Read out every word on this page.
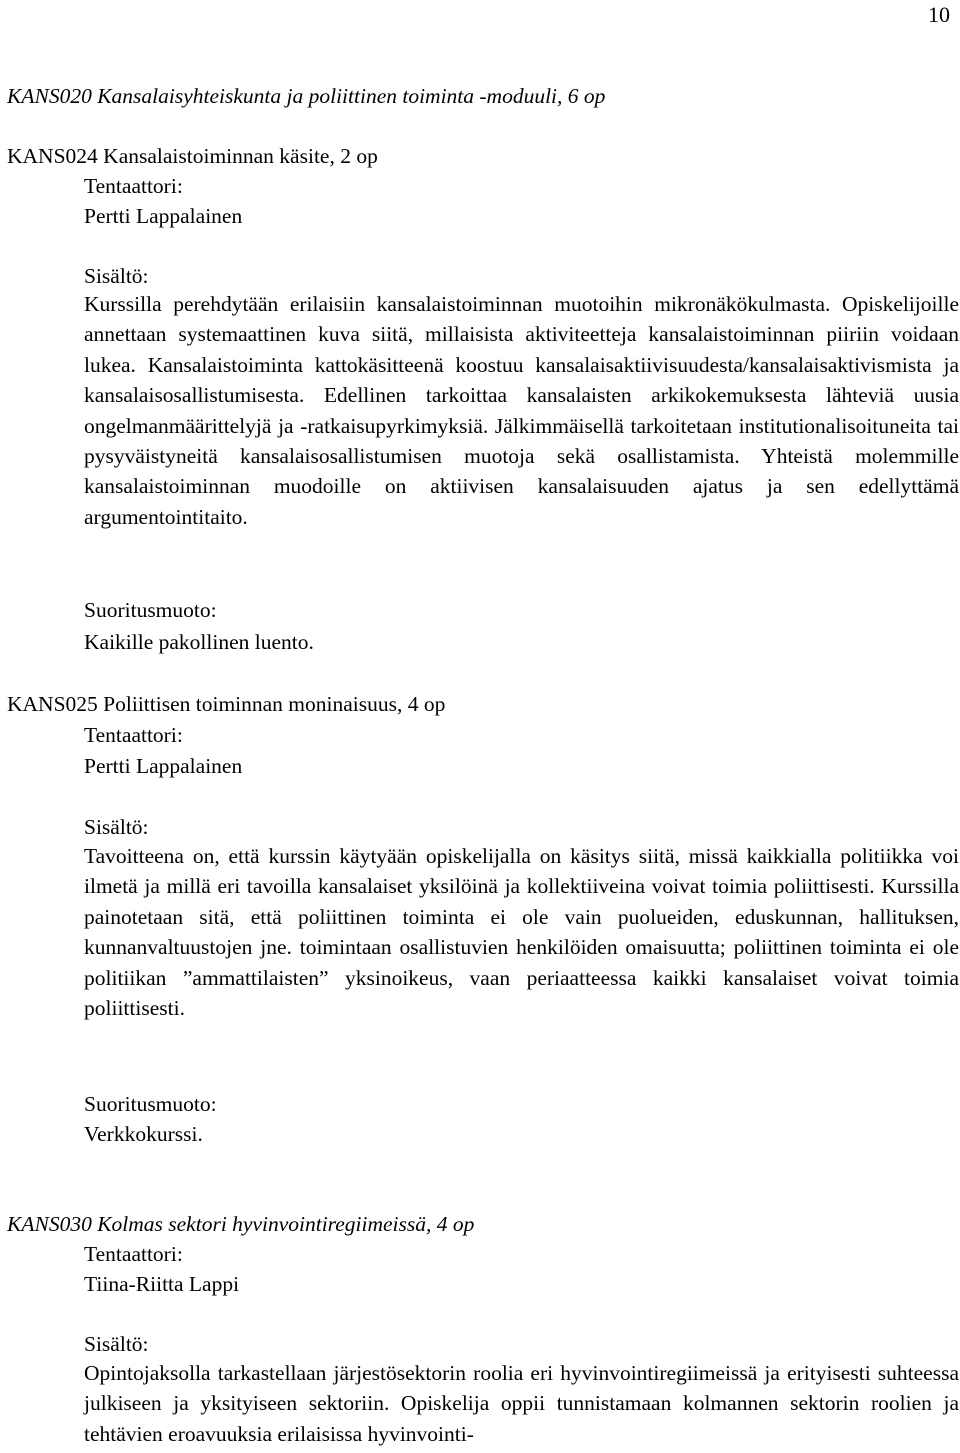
10
KANS020 Kansalaisyhteiskunta ja poliittinen toiminta -moduuli, 6 op
KANS024 Kansalaistoiminnan käsite, 2 op
Tentaattori:
Pertti Lappalainen
Sisältö:

Kurssilla perehdytään erilaisiin kansalaistoiminnan muotoihin mikronäkökulmasta. Opiskelijoille annettaan systemaattinen kuva siitä, millaisista aktiviteetteja kansalaistoiminnan piiriin voidaan lukea. Kansalaistoiminta kattokäsitteenä koostuu kansalaisaktiivisuudesta/kansalaisaktivismista ja kansalaisosallistumisesta. Edellinen tarkoittaa kansalaisten arkikokemuksesta lähteviä uusia ongelmanmäärittelyjä ja -ratkaisupyrkimyksiä. Jälkimmäisellä tarkoitetaan institutionalisoituneita tai pysyväistyneitä kansalaisosallistumisen muotoja sekä osallistamista. Yhteistä molemmille kansalaistoiminnan muodoille on aktiivisen kansalaisuuden ajatus ja sen edellyttämä argumentointitaito.

Suoritusmuoto:
Kaikille pakollinen luento.
KANS025 Poliittisen toiminnan moninaisuus, 4 op
Tentaattori:
Pertti Lappalainen
Sisältö:

Tavoitteena on, että kurssin käytyään opiskelijalla on käsitys siitä, missä kaikkialla politiikka voi ilmetä ja millä eri tavoilla kansalaiset yksilöinä ja kollektiiveina voivat toimia poliittisesti. Kurssilla painotetaan sitä, että poliittinen toiminta ei ole vain puolueiden, eduskunnan, hallituksen, kunnanvaltuustojen jne. toimintaan osallistuvien henkilöiden omaisuutta; poliittinen toiminta ei ole politiikan ”ammattilaisten” yksinoikeus, vaan periaatteessa kaikki kansalaiset voivat toimia poliittisesti.

Suoritusmuoto:
Verkkokurssi.
KANS030 Kolmas sektori hyvinvointiregiimeissä, 4 op
Tentaattori:
Tiina-Riitta Lappi
Sisältö:

Opintojaksolla tarkastellaan järjestösektorin roolia eri hyvinvointiregiimeissä ja erityisesti suhteessa julkiseen ja yksityiseen sektoriin. Opiskelija oppii tunnistamaan kolmannen sektorin roolien ja tehtävien eroavuuksia erilaisissa hyvinvointi-
